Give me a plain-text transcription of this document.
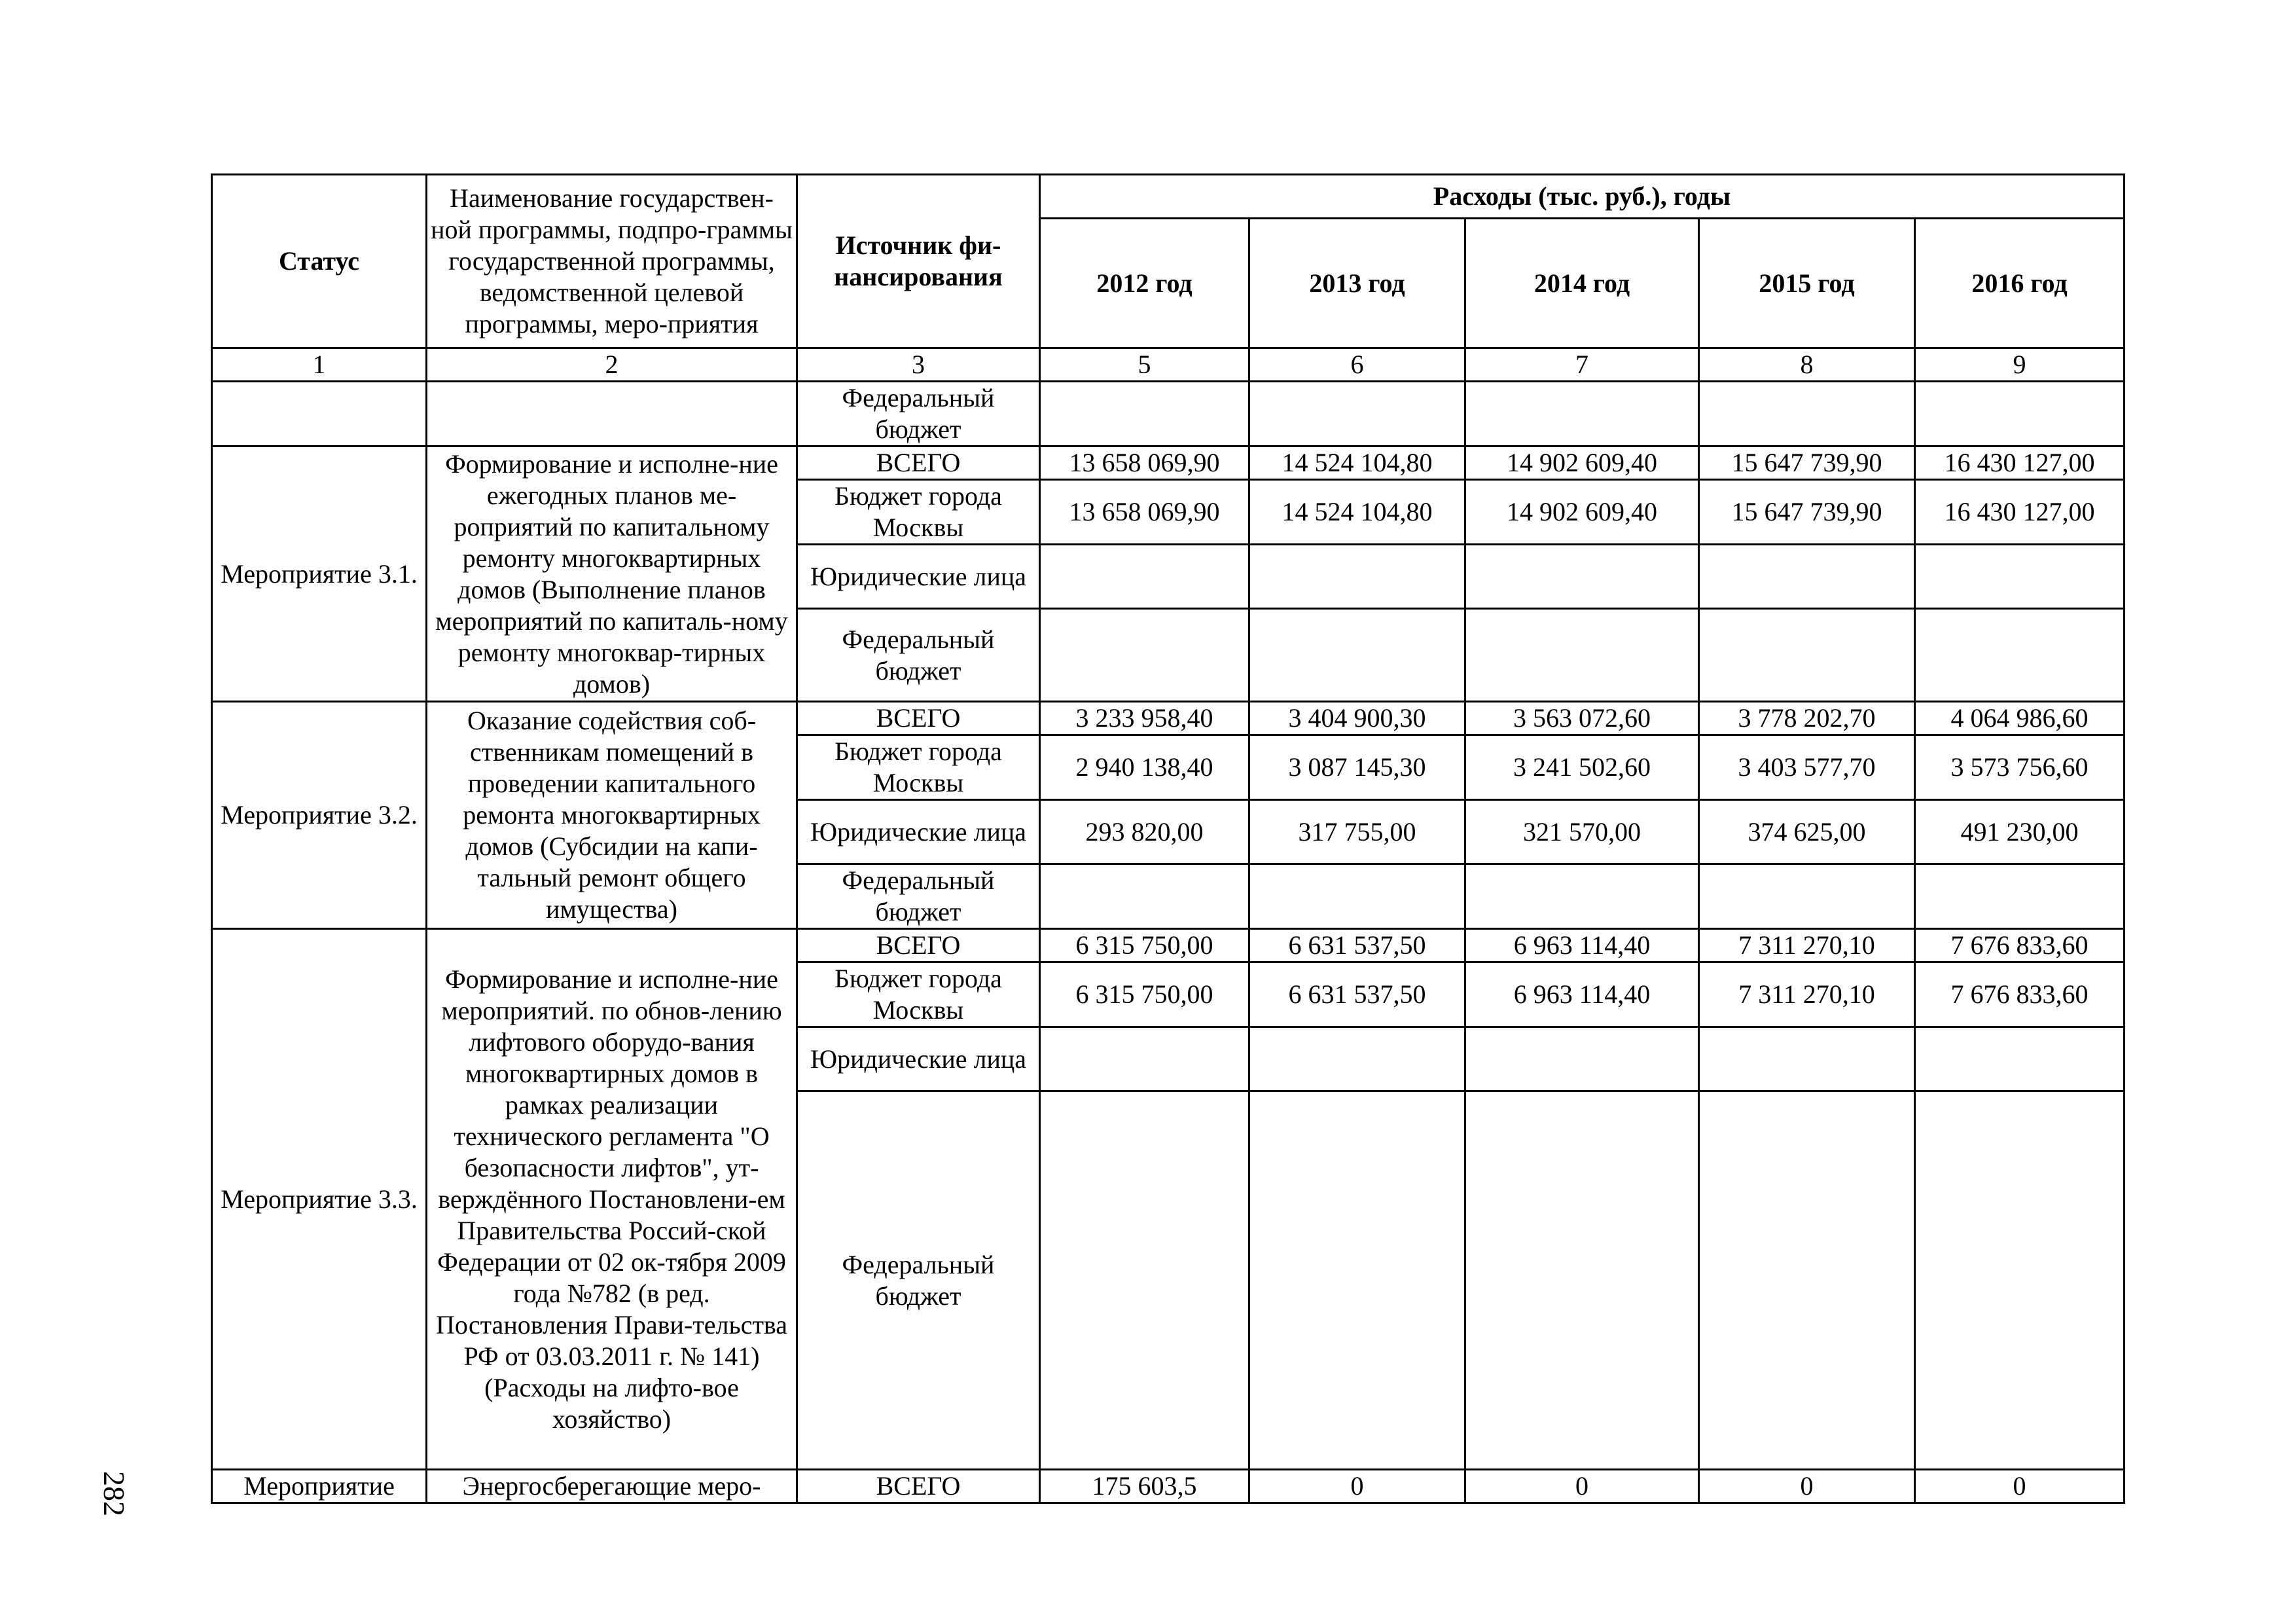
Статус	Наименование государствен-ной программы, подпро-граммы государственной программы, ведомственной целевой программы, меро-приятия	Источник фи-нансирования	Расходы (тыс. руб.), годы				
			2012 год	2013 год	2014 год	2015 год	2016 год
1	2	3	5	6	7	8	9
		Федеральный бюджет					
Мероприятие 3.1.	Формирование и исполне-ние ежегодных планов ме-роприятий по капитальному ремонту многоквартирных домов (Выполнение планов мероприятий по капиталь-ному ремонту многоквар-тирных домов)	ВСЕГО	13 658 069,90	14 524 104,80	14 902 609,40	15 647 739,90	16 430 127,00
		Бюджет города Москвы	13 658 069,90	14 524 104,80	14 902 609,40	15 647 739,90	16 430 127,00
		Юридические лица					
		Федеральный бюджет					
Мероприятие 3.2.	Оказание содействия соб-ственникам помещений в проведении капитального ремонта многоквартирных домов (Субсидии на капи-тальный ремонт общего имущества)	ВСЕГО	3 233 958,40	3 404 900,30	3 563 072,60	3 778 202,70	4 064 986,60
		Бюджет города Москвы	2 940 138,40	3 087 145,30	3 241 502,60	3 403 577,70	3 573 756,60
		Юридические лица	293 820,00	317 755,00	321 570,00	374 625,00	491 230,00
		Федеральный бюджет					
Мероприятие 3.3.	Формирование и исполне-ние мероприятий. по обнов-лению лифтового оборудо-вания многоквартирных домов в рамках реализации технического регламента "О безопасности лифтов", ут-верждённого Постановлени-ем Правительства Россий-ской Федерации от 02 ок-тября 2009 года №782 (в ред. Постановления Прави-тельства РФ от 03.03.2011 г. № 141) (Расходы на лифто-вое хозяйство)	ВСЕГО	6 315 750,00	6 631 537,50	6 963 114,40	7 311 270,10	7 676 833,60
		Бюджет города Москвы	6 315 750,00	6 631 537,50	6 963 114,40	7 311 270,10	7 676 833,60
		Юридические лица					
		Федеральный бюджет					
Мероприятие	Энергосберегающие меро-	ВСЕГО	175 603,5	0	0	0	0
282
